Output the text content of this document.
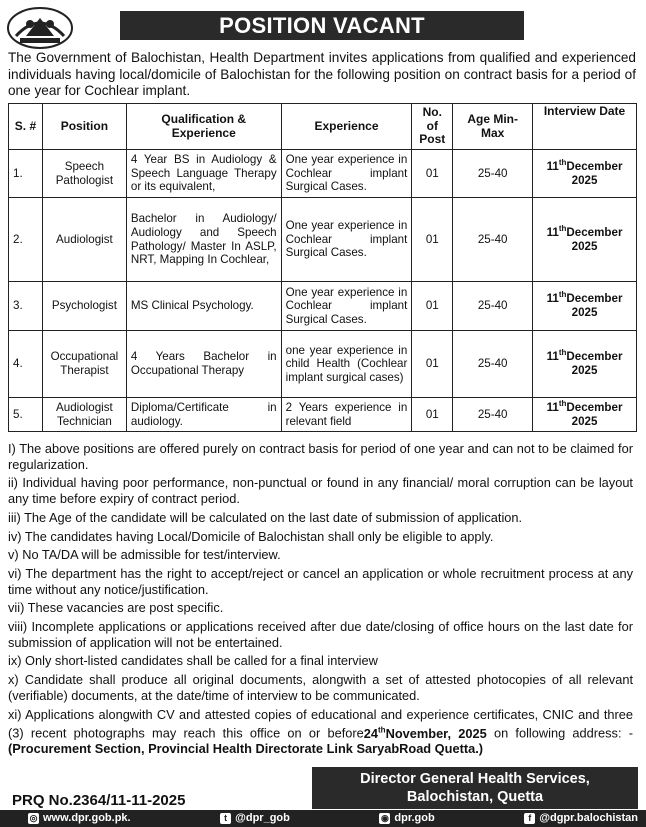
POSITION VACANT
The Government of Balochistan, Health Department invites applications from qualified and experienced individuals having local/domicile of Balochistan for the following position on contract basis for a period of one year for Cochlear implant.
S. #	Position	Qualification & Experience	Experience	No. of Post	Age Min-Max	Interview Date
1.	Speech Pathologist	4 Year BS in Audiology & Speech Language Therapy or its equivalent,	One year experience in Cochlear implant Surgical Cases.	01	25-40	11thDecember
2025
2.	Audiologist	Bachelor in Audiology/ Audiology and Speech Pathology/ Master In ASLP, NRT, Mapping In Cochlear,	One year experience in Cochlear implant Surgical Cases.	01	25-40	11thDecember
2025
3.	Psychologist	MS Clinical Psychology.	One year experience in Cochlear implant Surgical Cases.	01	25-40	11thDecember
2025
4.	Occupational Therapist	4 Years Bachelor in Occupational Therapy	one year experience in child Health (Cochlear implant surgical cases)	01	25-40	11thDecember
2025
5.	Audiologist Technician	Diploma/Certificate in audiology.	2 Years experience in relevant field	01	25-40	11thDecember
2025

I) The above positions are offered purely on contract basis for period of one year and can not to be claimed for regularization.

ii) Individual having poor performance, non-punctual or found in any financial/ moral corruption can be layout any time before expiry of contract period.

iii) The Age of the candidate will be calculated on the last date of submission of application.

iv) The candidates having Local/Domicile of Balochistan shall only be eligible to apply.

v) No TA/DA will be admissible for test/interview.

vi) The department has the right to accept/reject or cancel an application or whole recruitment process at any time without any notice/justification.

vii) These vacancies are post specific.

viii) Incomplete applications or applications received after due date/closing of office hours on the last date for submission of application will not be entertained.

ix) Only short-listed candidates shall be called for a final interview

x) Candidate shall produce all original documents, alongwith a set of attested photocopies of all relevant (verifiable) documents, at the date/time of interview to be communicated.

xi) Applications alongwith CV and attested copies of educational and experience certificates, CNIC and three (3) recent photographs may reach this office on or before24thNovember, 2025 on following address: - (Procurement Section, Provincial Health Directorate Link SaryabRoad Quetta.)

PRQ No.2364/11-11-2025
Director General Health Services,
Balochistan, Quetta
◎ www.dpr.gob.pk.	t @dpr_gob	◉ dpr.gob	f @dgpr.balochistan
